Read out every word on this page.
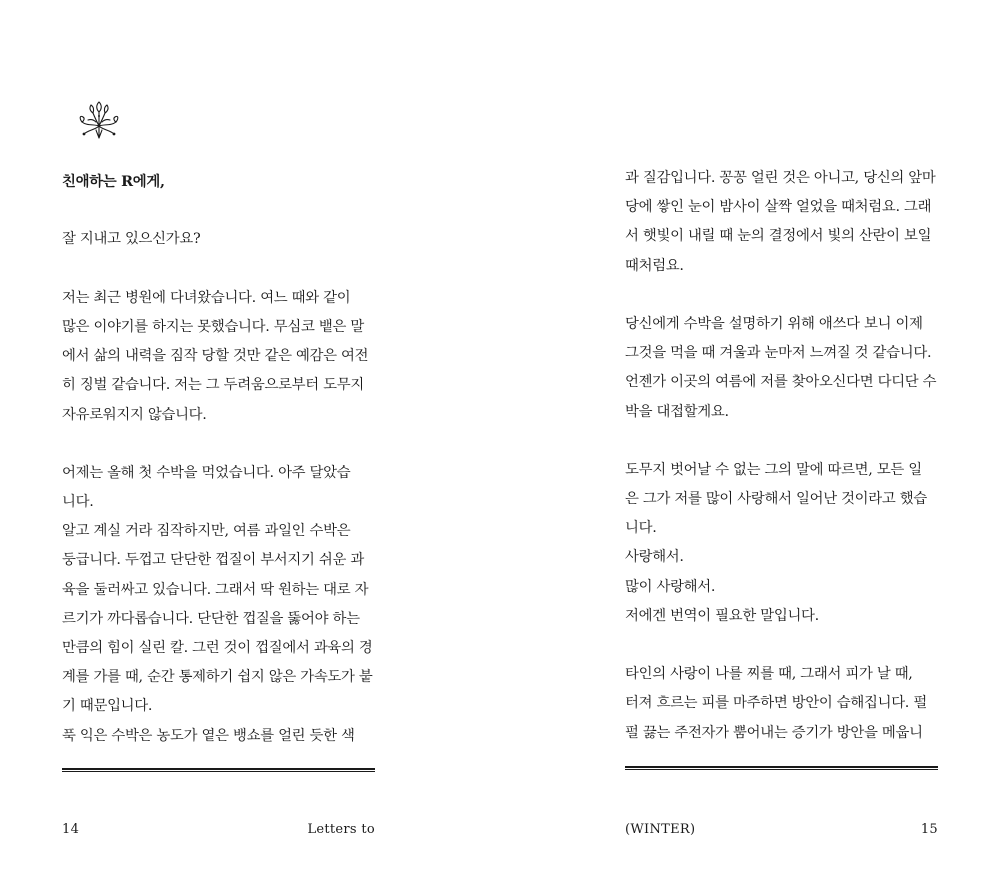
친애하는 R에게,
잘 지내고 있으신가요?
저는 최근 병원에 다녀왔습니다. 여느 때와 같이
많은 이야기를 하지는 못했습니다. 무심코 뱉은 말
에서 삶의 내력을 짐작 당할 것만 같은 예감은 여전
히 징벌 같습니다. 저는 그 두려움으로부터 도무지
자유로워지지 않습니다.
어제는 올해 첫 수박을 먹었습니다. 아주 달았습
니다.
알고 계실 거라 짐작하지만, 여름 과일인 수박은
둥급니다. 두껍고 단단한 껍질이 부서지기 쉬운 과
육을 둘러싸고 있습니다. 그래서 딱 원하는 대로 자
르기가 까다롭습니다. 단단한 껍질을 뚫어야 하는
만큼의 힘이 실린 칼. 그런 것이 껍질에서 과육의 경
계를 가를 때, 순간 통제하기 쉽지 않은 가속도가 붙
기 때문입니다.
푹 익은 수박은 농도가 옅은 뱅쇼를 얼린 듯한 색
14	Letters to
과 질감입니다. 꽁꽁 얼린 것은 아니고, 당신의 앞마
당에 쌓인 눈이 밤사이 살짝 얼었을 때처럼요. 그래
서 햇빛이 내릴 때 눈의 결정에서 빛의 산란이 보일
때처럼요.
당신에게 수박을 설명하기 위해 애쓰다 보니 이제
그것을 먹을 때 겨울과 눈마저 느껴질 것 같습니다.
언젠가 이곳의 여름에 저를 찾아오신다면 다디단 수
박을 대접할게요.
도무지 벗어날 수 없는 그의 말에 따르면, 모든 일
은 그가 저를 많이 사랑해서 일어난 것이라고 했습
니다.
사랑해서.
많이 사랑해서.
저에겐 번역이 필요한 말입니다.
타인의 사랑이 나를 찌를 때, 그래서 피가 날 때,
터져 흐르는 피를 마주하면 방안이 습해집니다. 펄
펄 끓는 주전자가 뿜어내는 증기가 방안을 메웁니
(WINTER)	15
